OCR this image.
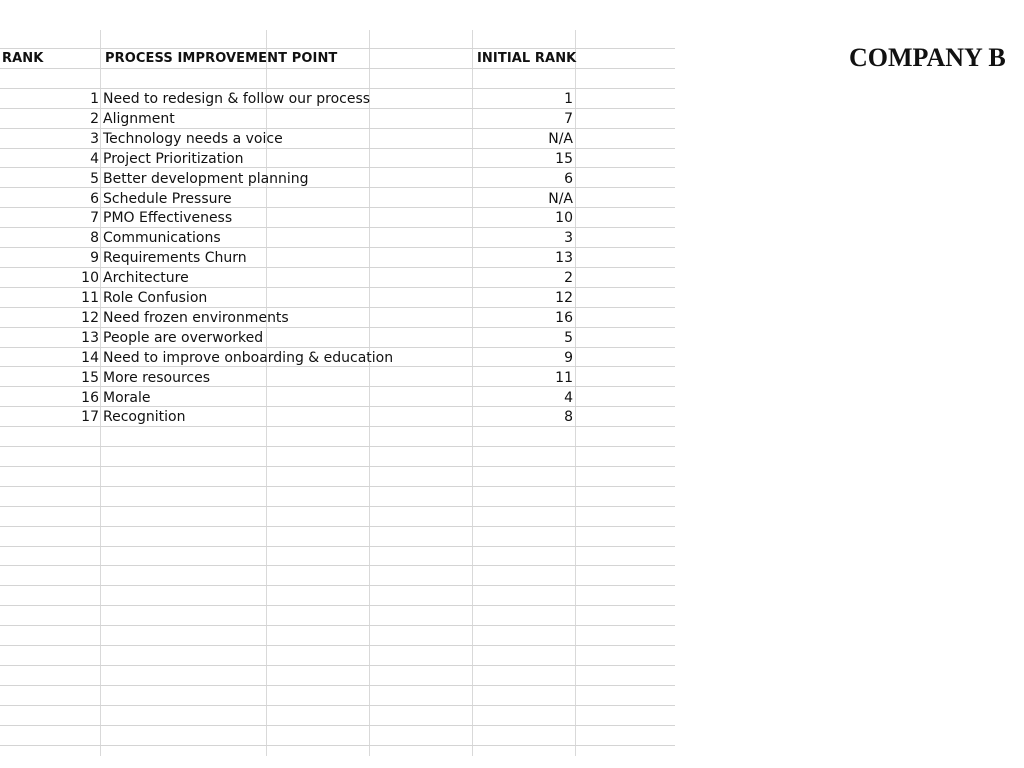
RANK	PROCESS IMPROVEMENT POINT	INITIAL RANK
1 Need to redesign & follow our process	1
2 Alignment	7
3 Technology needs a voice	N/A
4 Project Prioritization	15
5 Better development planning	6
6 Schedule Pressure	N/A
7 PMO Effectiveness	10
8 Communications	3
9 Requirements Churn	13
10 Architecture	2
11 Role Confusion	12
12 Need frozen environments	16
13 People are overworked	5
14 Need to improve onboarding & education	9
15 More resources	11
16 Morale	4
17 Recognition	8
COMPANY B
